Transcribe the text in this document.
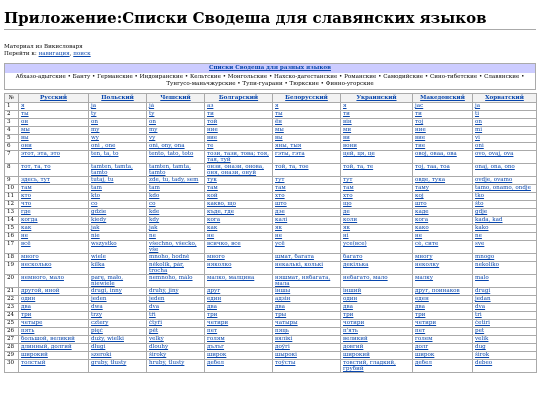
Приложение:Списки Сводеша для славянских языков
Материал из Викисловаря
Перейти к: навигация, поиск
Списки Сводеша для разных языков
Абхазо-адыгские • Банту • Германские • Индоиранские • Кельтские • Монгольские • Нахско-дагестанские • Романские • Самодийские • Сино-тибетские • Славянские • Тунгусо-маньчжурские • Тупи-гуарани • Тюркские • Финно-угорские
№	Русский	Польский	Чешский	Болгарский	Белорусский	Украинский	Македонский	Хорватский
1	я	ja	já	аз	я	я	jас	ja
2	ты	ty	ty	ти	ты	ти	ти	ti
3	он	on	on	той	ён	він	тој	on
4	мы	my	my	ние	мы	ми	ние	mi
5	вы	wy	vy	вие	вы	ви	вие	vi
6	они	oni , one	oni, ony, ona	те	яны, тыя	вони	тие	oni
7	этот, эта, это	ten, ta, to	tento, tato, toto	този, тази, това; тоя, тая, туй	гэты, гэта	цей, ця, це	овој, оваа, ова	ovo, ovaj, ova
8	тот, та, то	tamten, tamta, tamto	tamten, tamta, tamto	онзи, онази, онова, оня, онази, онуй	той, та, тое	той, та, те	тој, таа, тоа	onaj, ona, ono
9	здесь, тут	tutaj, tu	zde, tu, tady, sem	тук	тут	тут	овде, тука	ovdje, ovamo
10	там	tam	tam	там	там	там	таму	tamo, onamo, ondje
11	кто	kto	kdo	кой	хто	хто	кој	tko
12	что	co	co	какво, що	што	що	што	što
13	где	gdzie	kde	къде, где	дзе	де	каде	gdje
14	когда	kiedy	kdy	кога	калі	коли	кога	kada, kad
15	как	jak	jak	как	як	як	како	kako
16	не	nie	ne	не	не	ні	не	ne
17	всё	wszystko	všechno, všecko, vše	всичко, все	усё	усе(все)	сè, сите	sve
18	много	wiele	mnoho, hodně	много	шмат, багата	багато	многу	mnogo
19	несколько	kilka	několik, pár, trocha	няколко	некалькі, колькі	декілька	неколку	nekoliko
20	немного, мало	parę, mało, niewiele	nemnoho, málo	малко, малцина	няшмат, нябагата, мала	небагато, мало	малку	malo
21	другой, иной	drugi, inny	druhý, jiný	друг	іншы	інший	друг, поинаков	drugi
22	один	jeden	jeden	един	адзін	один	еден	jedan
23	два	dwa	dva	два	два	два	два	dva
24	три	trzy	tři	три	тры	три	три	tri
25	четыре	cztery	čtyři	четири	чатыры	чотири	четири	četiri
26	пять	pięć	pět	пет	пяць	п'ять	пет	pet
27	большой, великий	duży, wielki	velký	голям	вялікі	великий	голем	velik
28	длинный, долгий	długi	dlouhý	дълъг	доўгі	довгий	долг	dug
29	широкий	szeroki	široký	широк	шырокі	широкий	широк	širok
30	толстый	gruby, tłusty	hrubý, tlustý	дебел	тоўсты	товстий, гладкий, грубий	дебел	debeo
